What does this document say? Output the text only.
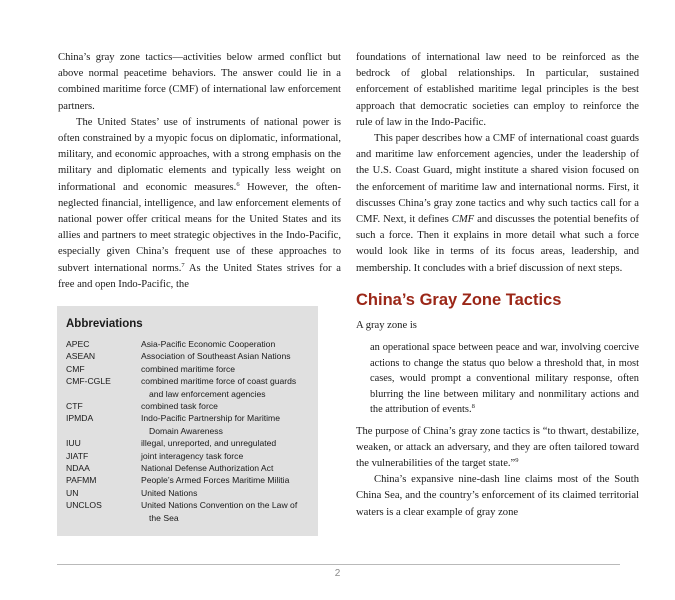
China’s gray zone tactics—activities below armed conflict but above normal peacetime behaviors. The answer could lie in a combined maritime force (CMF) of international law enforcement partners.

The United States’ use of instruments of national power is often constrained by a myopic focus on diplomatic, informational, military, and economic approaches, with a strong emphasis on the military and diplomatic elements and typically less weight on informational and economic measures.$^6$ However, the often-neglected financial, intelligence, and law enforcement elements of national power offer critical means for the United States and its allies and partners to meet strategic objectives in the Indo-Pacific, especially given China’s frequent use of these approaches to subvert international norms.$^7$ As the United States strives for a free and open Indo-Pacific, the

Abbreviations
APEC	Asia-Pacific Economic Cooperation
ASEAN	Association of Southeast Asian Nations
CMF	combined maritime force
CMF-CGLE	combined maritime force of coast guards and law enforcement agencies
CTF	combined task force
IPMDA	Indo-Pacific Partnership for Maritime Domain Awareness
IUU	illegal, unreported, and unregulated
JIATF	joint interagency task force
NDAA	National Defense Authorization Act
PAFMM	People’s Armed Forces Maritime Militia
UN	United Nations
UNCLOS	United Nations Convention on the Law of the Sea

foundations of international law need to be reinforced as the bedrock of global relationships. In particular, sustained enforcement of established maritime legal principles is the best approach that democratic societies can employ to reinforce the rule of law in the Indo-Pacific.

This paper describes how a CMF of international coast guards and maritime law enforcement agencies, under the leadership of the U.S. Coast Guard, might institute a shared vision focused on the enforcement of maritime law and international norms. First, it discusses China’s gray zone tactics and why such tactics call for a CMF. Next, it defines CMF and discusses the potential benefits of such a force. Then it explains in more detail what such a force would look like in terms of its focus areas, leadership, and membership. It concludes with a brief discussion of next steps.

China’s Gray Zone Tactics

A gray zone is

an operational space between peace and war, involving coercive actions to change the status quo below a threshold that, in most cases, would prompt a conventional military response, often blurring the line between military and nonmilitary actions and the attribution of events.$^8$

The purpose of China’s gray zone tactics is “to thwart, destabilize, weaken, or attack an adversary, and they are often tailored toward the vulnerabilities of the target state.”$^9$

China’s expansive nine-dash line claims most of the South China Sea, and the country’s enforcement of its claimed territorial waters is a clear example of gray zone

2
